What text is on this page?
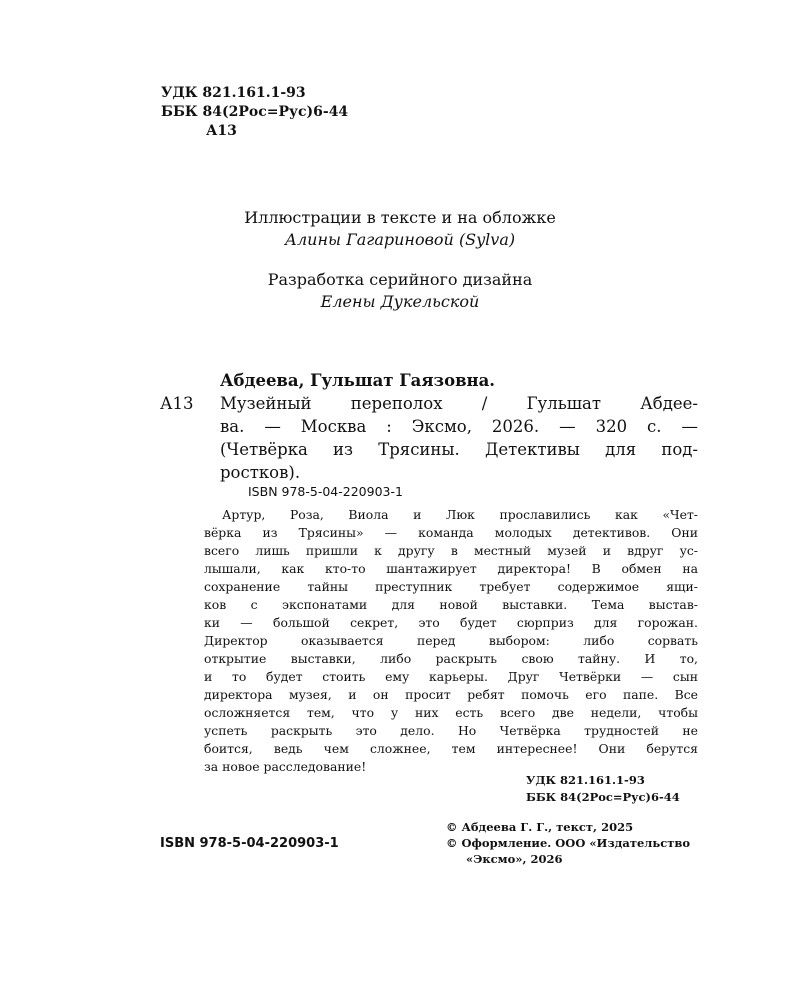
УДК 821.161.1-93
ББК 84(2Рос=Рус)6-44
А13
Иллюстрации в тексте и на обложке
Алины Гагариновой (Sylva)
Разработка серийного дизайна
Елены Дукельской
Абдеева, Гульшат Гаязовна.
А13 Музейный переполох / Гульшат Абдее-
ва. — Москва : Эксмо, 2026. — 320 с. —
(Четвёрка из Трясины. Детективы для под-
ростков).
ISBN 978-5-04-220903-1
Артур, Роза, Виола и Люк прославились как «Чет-
вёрка из Трясины» — команда молодых детективов. Они
всего лишь пришли к другу в местный музей и вдруг ус-
лышали, как кто-то шантажирует директора! В обмен на
сохранение тайны преступник требует содержимое ящи-
ков с экспонатами для новой выставки. Тема выстав-
ки — большой секрет, это будет сюрприз для горожан.
Директор оказывается перед выбором: либо сорвать
открытие выставки, либо раскрыть свою тайну. И то,
и то будет стоить ему карьеры. Друг Четвёрки — сын
директора музея, и он просит ребят помочь его папе. Все
осложняется тем, что у них есть всего две недели, чтобы
успеть раскрыть это дело. Но Четвёрка трудностей не
боится, ведь чем сложнее, тем интереснее! Они берутся
за новое расследование!
УДК 821.161.1-93
ББК 84(2Рос=Рус)6-44
© Абдеева Г. Г., текст, 2025
© Оформление. ООО «Издательство
«Эксмо», 2026
ISBN 978-5-04-220903-1
